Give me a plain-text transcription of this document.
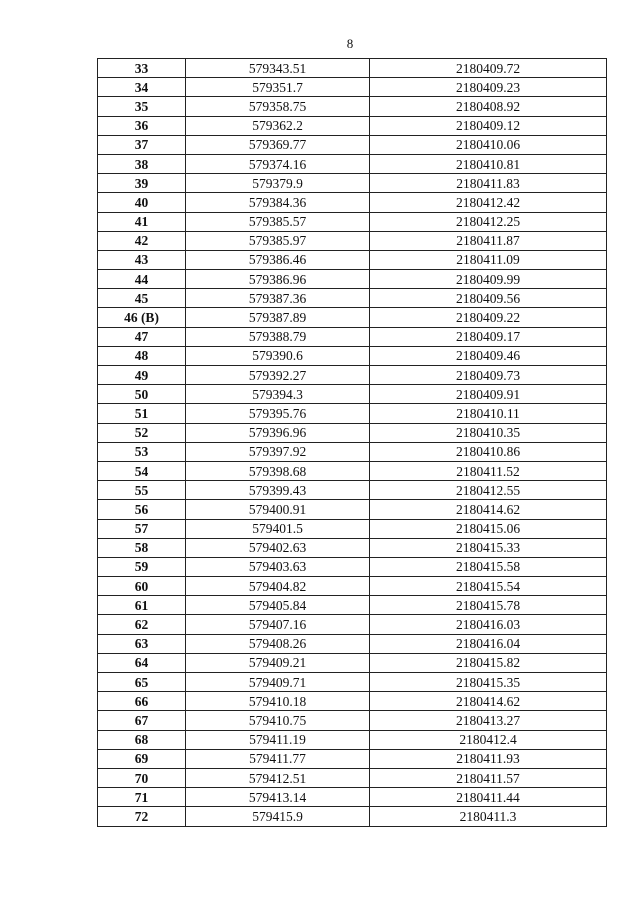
8
33	579343.51	2180409.72
34	579351.7	2180409.23
35	579358.75	2180408.92
36	579362.2	2180409.12
37	579369.77	2180410.06
38	579374.16	2180410.81
39	579379.9	2180411.83
40	579384.36	2180412.42
41	579385.57	2180412.25
42	579385.97	2180411.87
43	579386.46	2180411.09
44	579386.96	2180409.99
45	579387.36	2180409.56
46 (B)	579387.89	2180409.22
47	579388.79	2180409.17
48	579390.6	2180409.46
49	579392.27	2180409.73
50	579394.3	2180409.91
51	579395.76	2180410.11
52	579396.96	2180410.35
53	579397.92	2180410.86
54	579398.68	2180411.52
55	579399.43	2180412.55
56	579400.91	2180414.62
57	579401.5	2180415.06
58	579402.63	2180415.33
59	579403.63	2180415.58
60	579404.82	2180415.54
61	579405.84	2180415.78
62	579407.16	2180416.03
63	579408.26	2180416.04
64	579409.21	2180415.82
65	579409.71	2180415.35
66	579410.18	2180414.62
67	579410.75	2180413.27
68	579411.19	2180412.4
69	579411.77	2180411.93
70	579412.51	2180411.57
71	579413.14	2180411.44
72	579415.9	2180411.3
